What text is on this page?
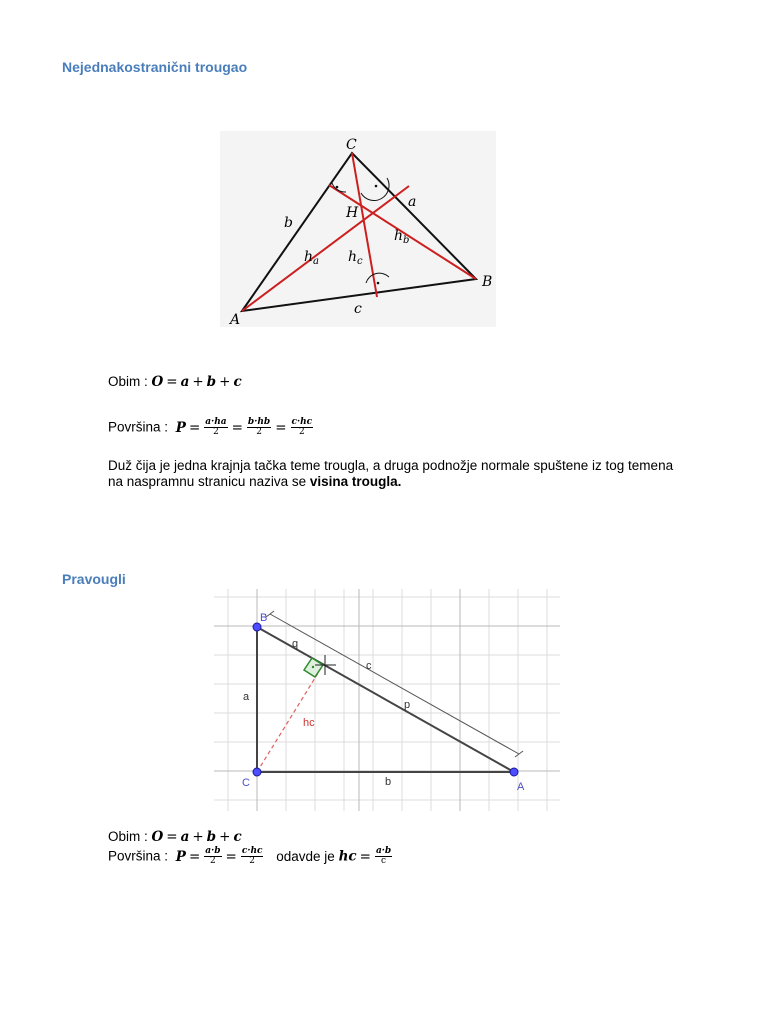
Nejednakostranični trougao
C
H
B
A
a
b
c
$h_a$
$h_b$
$h_c$
Obim : O = a + b + c
Površina : $P = \frac{a\cdot ha}{2} = \frac{b\cdot hb}{2} = \frac{c\cdot hc}{2}$

Duž čija je jedna krajnja tačka teme trougla, a druga podnožje normale spuštene iz tog temena na naspramnu stranicu naziva se visina trougla.

Pravougli
B
C	A
a
b
c
p
q
hc
Obim : O = a + b + c
Površina : $P = \frac{a\cdot b}{2} = \frac{c\cdot hc}{2}$ odavde je hc = $\frac{a\cdot b}{c}$
